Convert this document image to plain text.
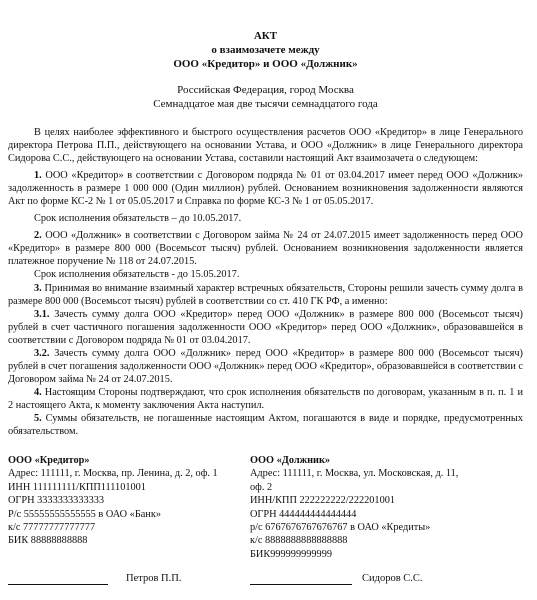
АКТ
о взаимозачете между
ООО «Кредитор» и ООО «Должник»
Российская Федерация, город Москва
Семнадцатое мая две тысячи семнадцатого года

В целях наиболее эффективного и быстрого осуществления расчетов ООО «Кредитор» в лице Генерального директора Петрова П.П., действующего на основании Устава, и ООО «Должник» в лице Генерального директора Сидорова С.С., действующего на основании Устава, составили настоящий Акт взаимозачета о следующем:

1. ООО «Кредитор» в соответствии с Договором подряда № 01 от 03.04.2017 имеет перед ООО «Должник» задолженность в размере 1 000 000 (Один миллион) рублей. Основанием возникновения задолженности являются Акт по форме КС-2 № 1 от 05.05.2017 и Справка по форме КС-3 № 1 от 05.05.2017.

Срок исполнения обязательств – до 10.05.2017.

2. ООО «Должник» в соответствии с Договором займа № 24 от 24.07.2015 имеет задолженность перед ООО «Кредитор» в размере 800 000 (Восемьсот тысяч) рублей. Основанием возникновения задолженности является платежное поручение № 118 от 24.07.2015.

Срок исполнения обязательств - до 15.05.2017.

3. Принимая во внимание взаимный характер встречных обязательств, Стороны решили зачесть сумму долга в размере 800 000 (Восемьсот тысяч) рублей в соответствии со ст. 410 ГК РФ, а именно:

3.1. Зачесть сумму долга ООО «Кредитор» перед ООО «Должник» в размере 800 000 (Восемьсот тысяч) рублей в счет частичного погашения задолженности ООО «Кредитор» перед ООО «Должник», образовавшейся в соответствии с Договором подряда № 01 от 03.04.2017.

3.2. Зачесть сумму долга ООО «Должник» перед ООО «Кредитор» в размере 800 000 (Восемьсот тысяч) рублей в счет погашения задолженности ООО «Должник» перед ООО «Кредитор», образовавшейся в соответствии с Договором займа № 24 от 24.07.2015.

4. Настоящим Стороны подтверждают, что срок исполнения обязательств по договорам, указанным в п. п. 1 и 2 настоящего Акта, к моменту заключения Акта наступил.

5. Суммы обязательств, не погашенные настоящим Актом, погашаются в виде и порядке, предусмотренных обязательством.

ООО «Кредитор»
Адрес: 111111, г. Москва, пр. Ленина, д. 2, оф. 1
ИНН 111111111/КПП111101001
ОГРН 3333333333333
Р/с 55555555555555 в ОАО «Банк»
к/с 77777777777777
БИК 88888888888
ООО «Должник»
Адрес: 111111, г. Москва, ул. Московская, д. 11,
оф. 2
ИНН/КПП 222222222/222201001
ОГРН 444444444444444
р/с 6767676767676767 в ОАО «Кредиты»
к/с 8888888888888888
БИК999999999999
Петров П.П.	Сидоров С.С.
